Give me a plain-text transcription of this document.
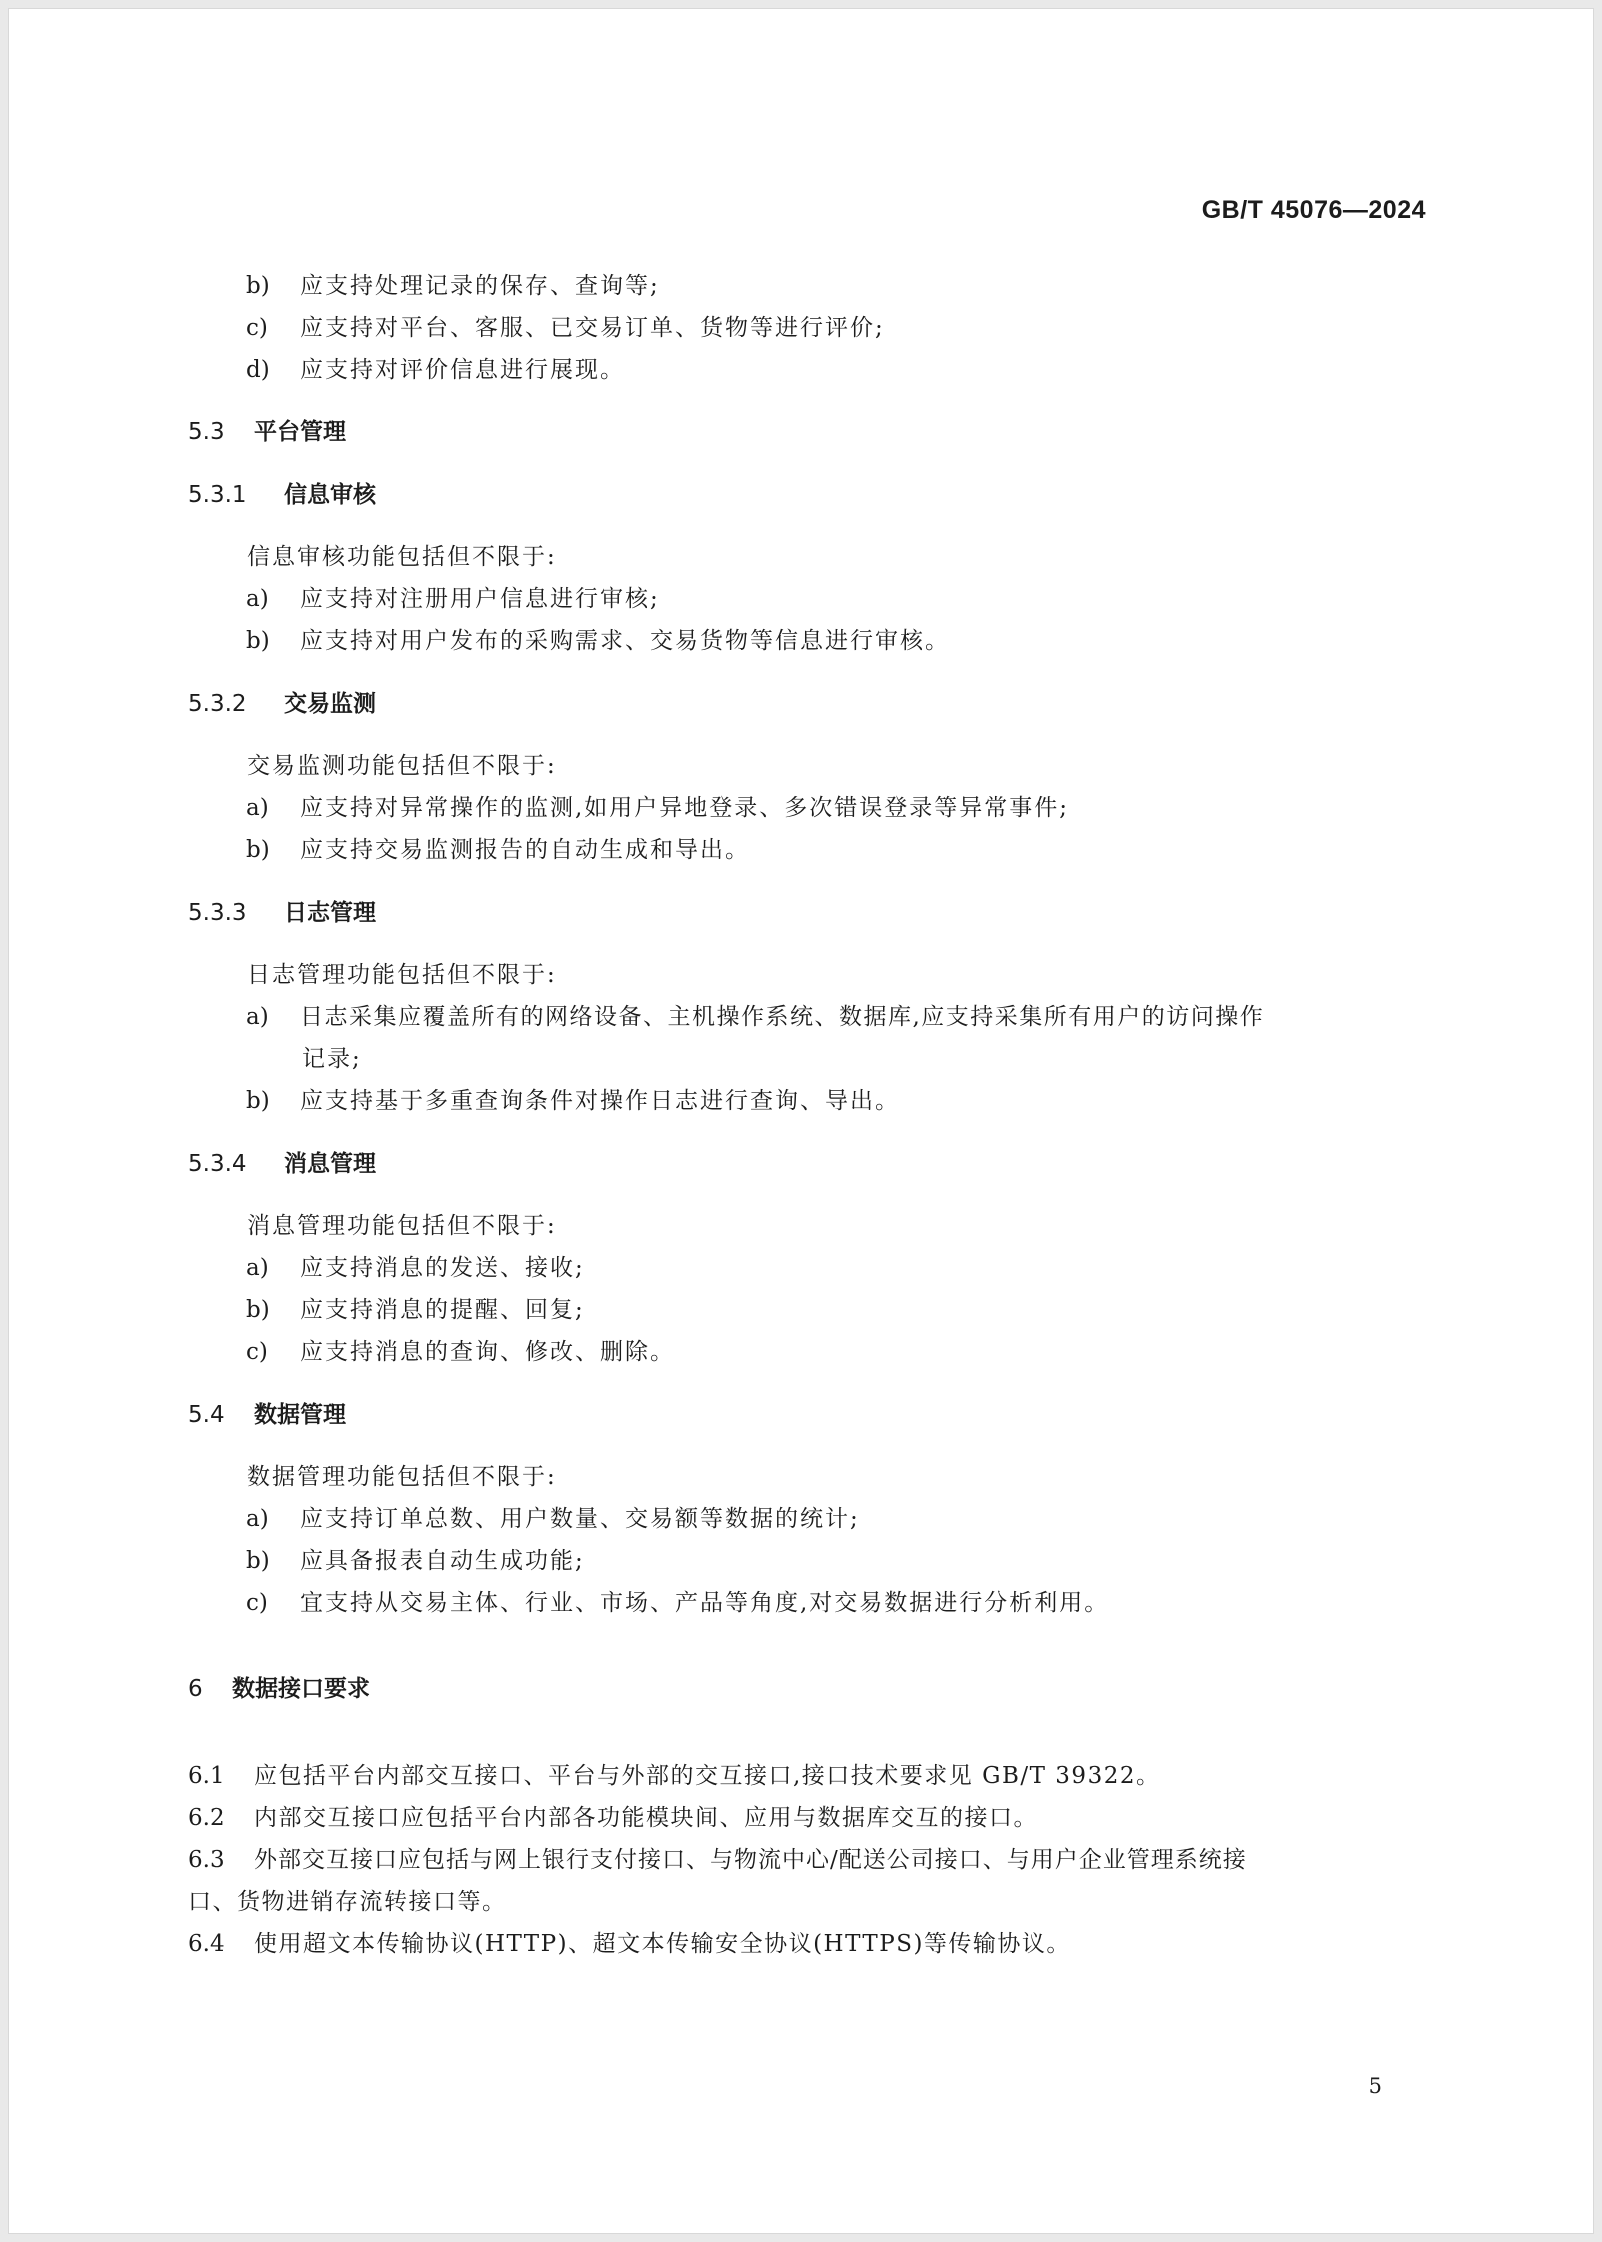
GB/T 45076—2024
b) 应支持处理记录的保存、查询等;
c) 应支持对平台、客服、已交易订单、货物等进行评价;
d) 应支持对评价信息进行展现。
5.3 平台管理
5.3.1 信息审核
信息审核功能包括但不限于:
a) 应支持对注册用户信息进行审核;
b) 应支持对用户发布的采购需求、交易货物等信息进行审核。
5.3.2 交易监测
交易监测功能包括但不限于:
a) 应支持对异常操作的监测,如用户异地登录、多次错误登录等异常事件;
b) 应支持交易监测报告的自动生成和导出。
5.3.3 日志管理
日志管理功能包括但不限于:
a) 日志采集应覆盖所有的网络设备、主机操作系统、数据库,应支持采集所有用户的访问操作
记录;
b) 应支持基于多重查询条件对操作日志进行查询、导出。
5.3.4 消息管理
消息管理功能包括但不限于:
a) 应支持消息的发送、接收;
b) 应支持消息的提醒、回复;
c) 应支持消息的查询、修改、删除。
5.4 数据管理
数据管理功能包括但不限于:
a) 应支持订单总数、用户数量、交易额等数据的统计;
b) 应具备报表自动生成功能;
c) 宜支持从交易主体、行业、市场、产品等角度,对交易数据进行分析利用。
6 数据接口要求
6.1 应包括平台内部交互接口、平台与外部的交互接口,接口技术要求见 GB/T 39322。
6.2 内部交互接口应包括平台内部各功能模块间、应用与数据库交互的接口。
6.3 外部交互接口应包括与网上银行支付接口、与物流中心/配送公司接口、与用户企业管理系统接
口、货物进销存流转接口等。
6.4 使用超文本传输协议(HTTP)、超文本传输安全协议(HTTPS)等传输协议。
5
